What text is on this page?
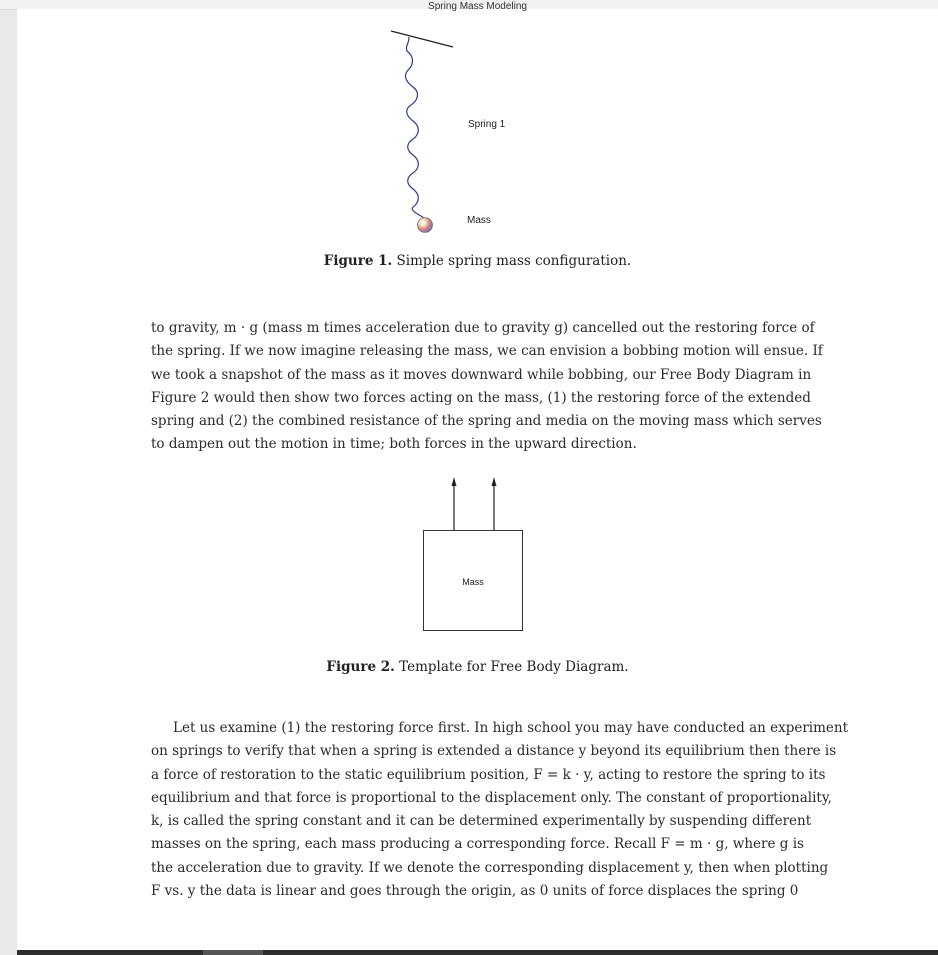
Spring Mass Modeling
Spring 1
Mass
Figure 1. Simple spring mass configuration.
to gravity, m · g (mass m times acceleration due to gravity g) cancelled out the restoring force of
the spring. If we now imagine releasing the mass, we can envision a bobbing motion will ensue. If
we took a snapshot of the mass as it moves downward while bobbing, our Free Body Diagram in
Figure 2 would then show two forces acting on the mass, (1) the restoring force of the extended
spring and (2) the combined resistance of the spring and media on the moving mass which serves
to dampen out the motion in time; both forces in the upward direction.
Mass
Figure 2. Template for Free Body Diagram.
Let us examine (1) the restoring force first. In high school you may have conducted an experiment
on springs to verify that when a spring is extended a distance y beyond its equilibrium then there is
a force of restoration to the static equilibrium position, F = k · y, acting to restore the spring to its
equilibrium and that force is proportional to the displacement only. The constant of proportionality,
k, is called the spring constant and it can be determined experimentally by suspending different
masses on the spring, each mass producing a corresponding force. Recall F = m · g, where g is
the acceleration due to gravity. If we denote the corresponding displacement y, then when plotting
F vs. y the data is linear and goes through the origin, as 0 units of force displaces the spring 0
